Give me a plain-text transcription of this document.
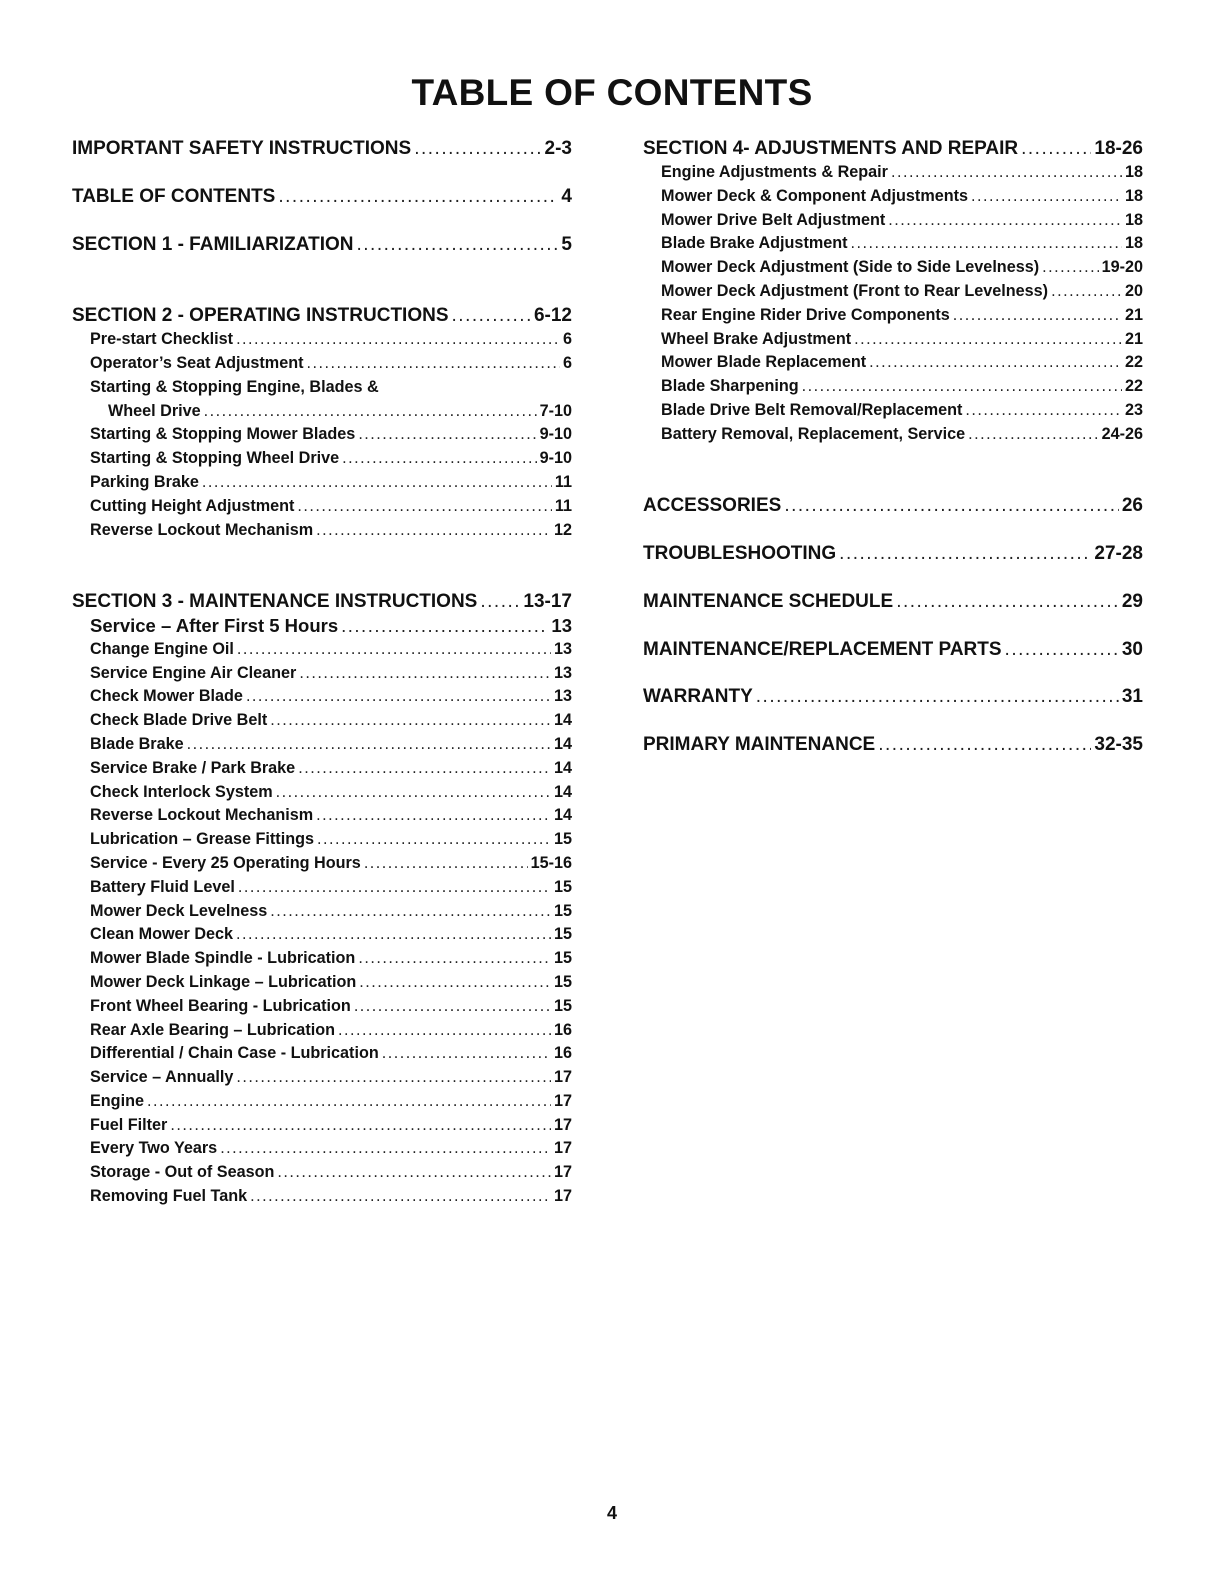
TABLE OF CONTENTS
IMPORTANT SAFETY INSTRUCTIONS .....	2-3
TABLE OF CONTENTS .....	4
SECTION 1 - FAMILIARIZATION .....	5
SECTION 2 - OPERATING INSTRUCTIONS .....	6-12
Pre-start Checklist .....	6
Operator’s Seat Adjustment .....	6
Starting & Stopping Engine, Blades &
Wheel Drive .....	7-10
Starting & Stopping Mower Blades .....	9-10
Starting & Stopping Wheel Drive .....	9-10
Parking Brake .....	11
Cutting Height Adjustment .....	11
Reverse Lockout Mechanism .....	12
SECTION 3 - MAINTENANCE INSTRUCTIONS ..... 13-17
Service – After First 5 Hours .....	13
Change Engine Oil .....	13
Service Engine Air Cleaner .....	13
Check Mower Blade .....	13
Check Blade Drive Belt .....	14
Blade Brake .....	14
Service Brake / Park Brake .....	14
Check Interlock System .....	14
Reverse Lockout Mechanism .....	14
Lubrication – Grease Fittings .....	15
Service - Every 25 Operating Hours .....	15-16
Battery Fluid Level .....	15
Mower Deck Levelness .....	15
Clean Mower Deck .....	15
Mower Blade Spindle - Lubrication .....	15
Mower Deck Linkage – Lubrication .....	15
Front Wheel Bearing - Lubrication .....	15
Rear Axle Bearing – Lubrication .....	16
Differential / Chain Case - Lubrication .....	16
Service – Annually .....	17
Engine .....	17
Fuel Filter .....	17
Every Two Years .....	17
Storage - Out of Season .....	17
Removing Fuel Tank .....	17
SECTION 4- ADJUSTMENTS AND REPAIR .....	18-26
Engine Adjustments & Repair .....	18
Mower Deck & Component Adjustments .....	18
Mower Drive Belt Adjustment .....	18
Blade Brake Adjustment .....	18
Mower Deck Adjustment (Side to Side Levelness) .....	19-20
Mower Deck Adjustment (Front to Rear Levelness) .....	20
Rear Engine Rider Drive Components .....	21
Wheel Brake Adjustment .....	21
Mower Blade Replacement .....	22
Blade Sharpening .....	22
Blade Drive Belt Removal/Replacement .....	23
Battery Removal, Replacement, Service .....	24-26
ACCESSORIES .....	26
TROUBLESHOOTING .....	27-28
MAINTENANCE SCHEDULE .....	29
MAINTENANCE/REPLACEMENT PARTS .....	30
WARRANTY .....	31
PRIMARY MAINTENANCE .....	32-35
4
